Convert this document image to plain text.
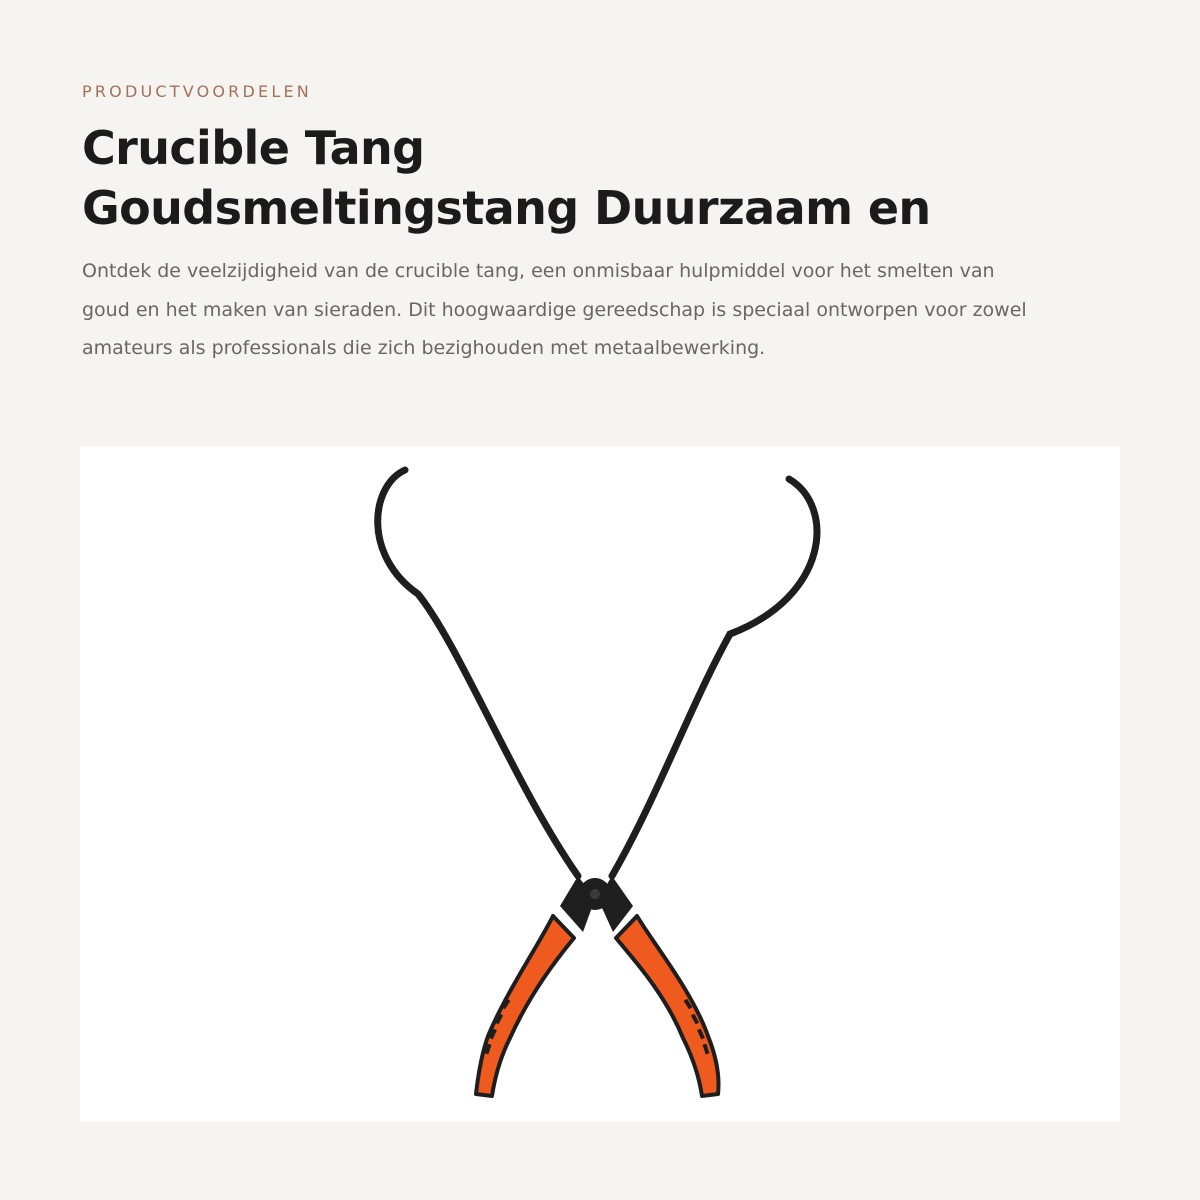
PRODUCTVOORDELEN

Crucible Tang
Goudsmeltingstang Duurzaam en

Ontdek de veelzijdigheid van de crucible tang, een onmisbaar hulpmiddel voor het smelten van goud en het maken van sieraden. Dit hoogwaardige gereedschap is speciaal ontworpen voor zowel amateurs als professionals die zich bezighouden met metaalbewerking.
